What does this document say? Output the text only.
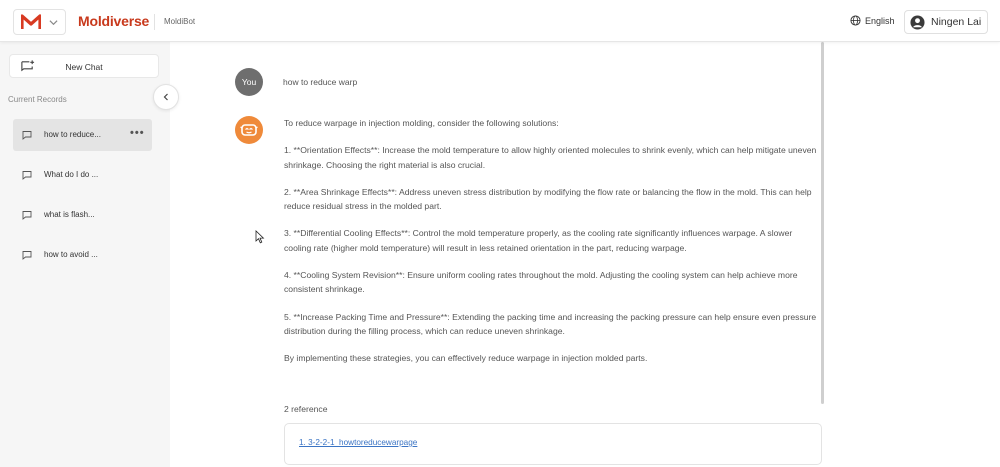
Moldiverse MoldiBot	English	Ningen Lai
New Chat
Current Records
how to reduce...	•••
What do I do ...
what is flash...
how to avoid ...
You	how to reduce warp

To reduce warpage in injection molding, consider the following solutions:

1. **Orientation Effects**: Increase the mold temperature to allow highly oriented molecules to shrink evenly, which can help mitigate uneven shrinkage. Choosing the right material is also crucial.

2. **Area Shrinkage Effects**: Address uneven stress distribution by modifying the flow rate or balancing the flow in the mold. This can help reduce residual stress in the molded part.

3. **Differential Cooling Effects**: Control the mold temperature properly, as the cooling rate significantly influences warpage. A slower cooling rate (higher mold temperature) will result in less retained orientation in the part, reducing warpage.

4. **Cooling System Revision**: Ensure uniform cooling rates throughout the mold. Adjusting the cooling system can help achieve more consistent shrinkage.

5. **Increase Packing Time and Pressure**: Extending the packing time and increasing the packing pressure can help ensure even pressure distribution during the filling process, which can reduce uneven shrinkage.

By implementing these strategies, you can effectively reduce warpage in injection molded parts.

2 reference
1. 3-2-2-1_howtoreducewarpage
